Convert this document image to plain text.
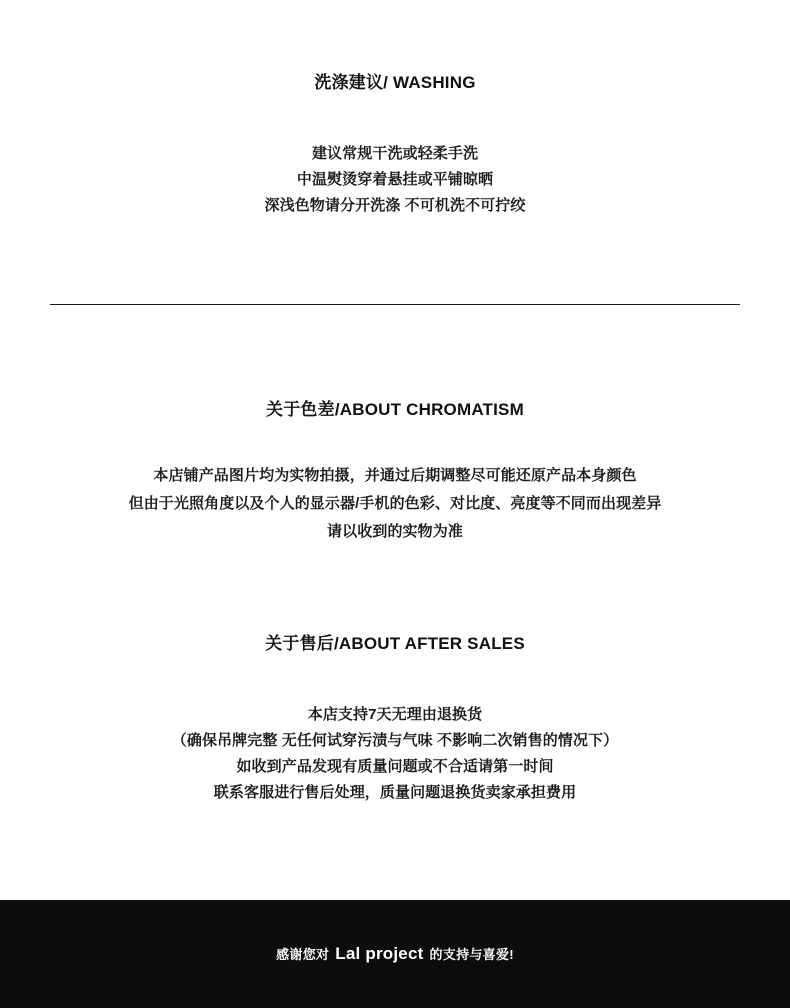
洗涤建议/ WASHING
建议常规干洗或轻柔手洗
中温熨烫穿着悬挂或平铺晾晒
深浅色物请分开洗涤 不可机洗不可拧绞
关于色差/ABOUT CHROMATISM
本店铺产品图片均为实物拍摄，并通过后期调整尽可能还原产品本身颜色
但由于光照角度以及个人的显示器/手机的色彩、对比度、亮度等不同而出现差异
请以收到的实物为准
关于售后/ABOUT AFTER SALES
本店支持7天无理由退换货
（确保吊牌完整 无任何试穿污渍与气味 不影响二次销售的情况下）
如收到产品发现有质量问题或不合适请第一时间
联系客服进行售后处理，质量问题退换货卖家承担费用
感谢您对 Lal project 的支持与喜爱!
